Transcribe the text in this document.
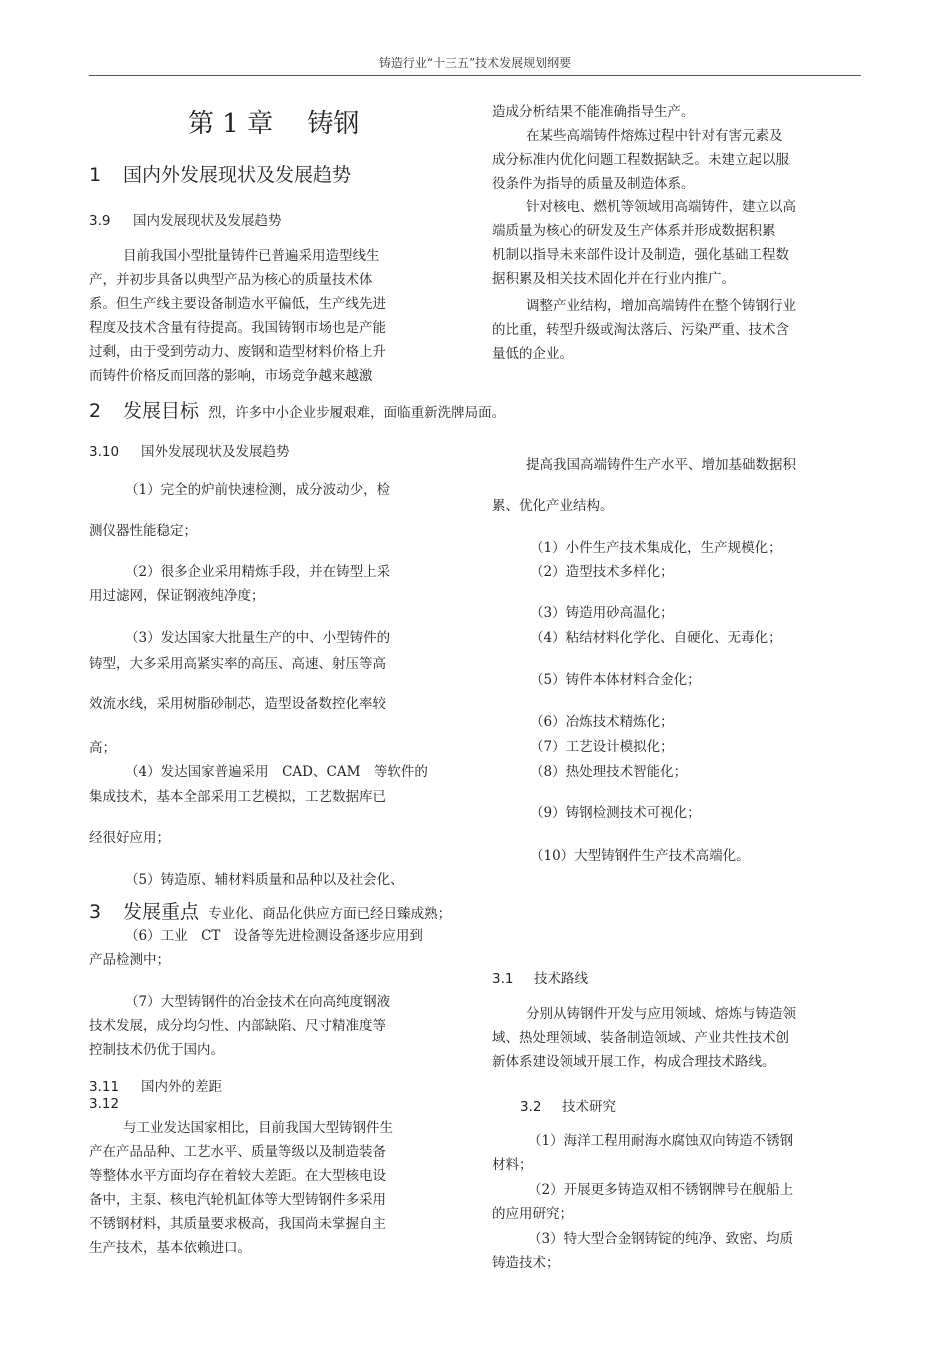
铸造行业“十三五”技术发展规划纲要
第 1 章　 铸钢
1 国内外发展现状及发展趋势
3.9 国内发展现状及发展趋势
目前我国小型批量铸件已普遍采用造型线生
产，并初步具备以典型产品为核心的质量技术体
系。但生产线主要设备制造水平偏低，生产线先进
程度及技术含量有待提高。我国铸钢市场也是产能
过剩，由于受到劳动力、废钢和造型材料价格上升
而铸件价格反而回落的影响，市场竞争越来越激
2 发展目标 烈，许多中小企业步履艰难，面临重新洗牌局面。
3.10 国外发展现状及发展趋势
（1）完全的炉前快速检测，成分波动少，检
测仪器性能稳定；
（2）很多企业采用精炼手段，并在铸型上采
用过滤网，保证钢液纯净度；
（3）发达国家大批量生产的中、小型铸件的
铸型，大多采用高紧实率的高压、高速、射压等高
效流水线，采用树脂砂制芯，造型设备数控化率较
高；
（4）发达国家普遍采用　CAD、CAM　等软件的
集成技术，基本全部采用工艺模拟，工艺数据库已
经很好应用；
（5）铸造原、辅材料质量和品种以及社会化、
3 发展重点 专业化、商品化供应方面已经日臻成熟；
（6）工业　CT　设备等先进检测设备逐步应用到
产品检测中；
（7）大型铸钢件的冶金技术在向高纯度钢液
技术发展，成分均匀性、内部缺陷、尺寸精准度等
控制技术仍优于国内。
3.11 国内外的差距
3.12
与工业发达国家相比，目前我国大型铸钢件生
产在产品品种、工艺水平、质量等级以及制造装备
等整体水平方面均存在着较大差距。在大型核电设
备中，主泵、核电汽轮机缸体等大型铸钢件多采用
不锈钢材料，其质量要求极高，我国尚未掌握自主
生产技术，基本依赖进口。
造成分析结果不能准确指导生产。
在某些高端铸件熔炼过程中针对有害元素及
成分标准内优化问题工程数据缺乏。未建立起以服
役条件为指导的质量及制造体系。
针对核电、燃机等领域用高端铸件，建立以高
端质量为核心的研发及生产体系并形成数据积累
机制以指导未来部件设计及制造，强化基础工程数
据积累及相关技术固化并在行业内推广。
调整产业结构，增加高端铸件在整个铸钢行业
的比重，转型升级或淘汰落后、污染严重、技术含
量低的企业。
提高我国高端铸件生产水平、增加基础数据积
累、优化产业结构。
（1）小件生产技术集成化，生产规模化；
（2）造型技术多样化；
（3）铸造用砂高温化；
（4）粘结材料化学化、自硬化、无毒化；
（5）铸件本体材料合金化；
（6）冶炼技术精炼化；
（7）工艺设计模拟化；
（8）热处理技术智能化；
（9）铸钢检测技术可视化；
（10）大型铸钢件生产技术高端化。
3.1 技术路线
分别从铸钢件开发与应用领域、熔炼与铸造领
域、热处理领域、装备制造领域、产业共性技术创
新体系建设领域开展工作，构成合理技术路线。
3.2 技术研究
（1）海洋工程用耐海水腐蚀双向铸造不锈钢
材料；
（2）开展更多铸造双相不锈钢牌号在舰船上
的应用研究；
（3）特大型合金钢铸锭的纯净、致密、均质
铸造技术；
